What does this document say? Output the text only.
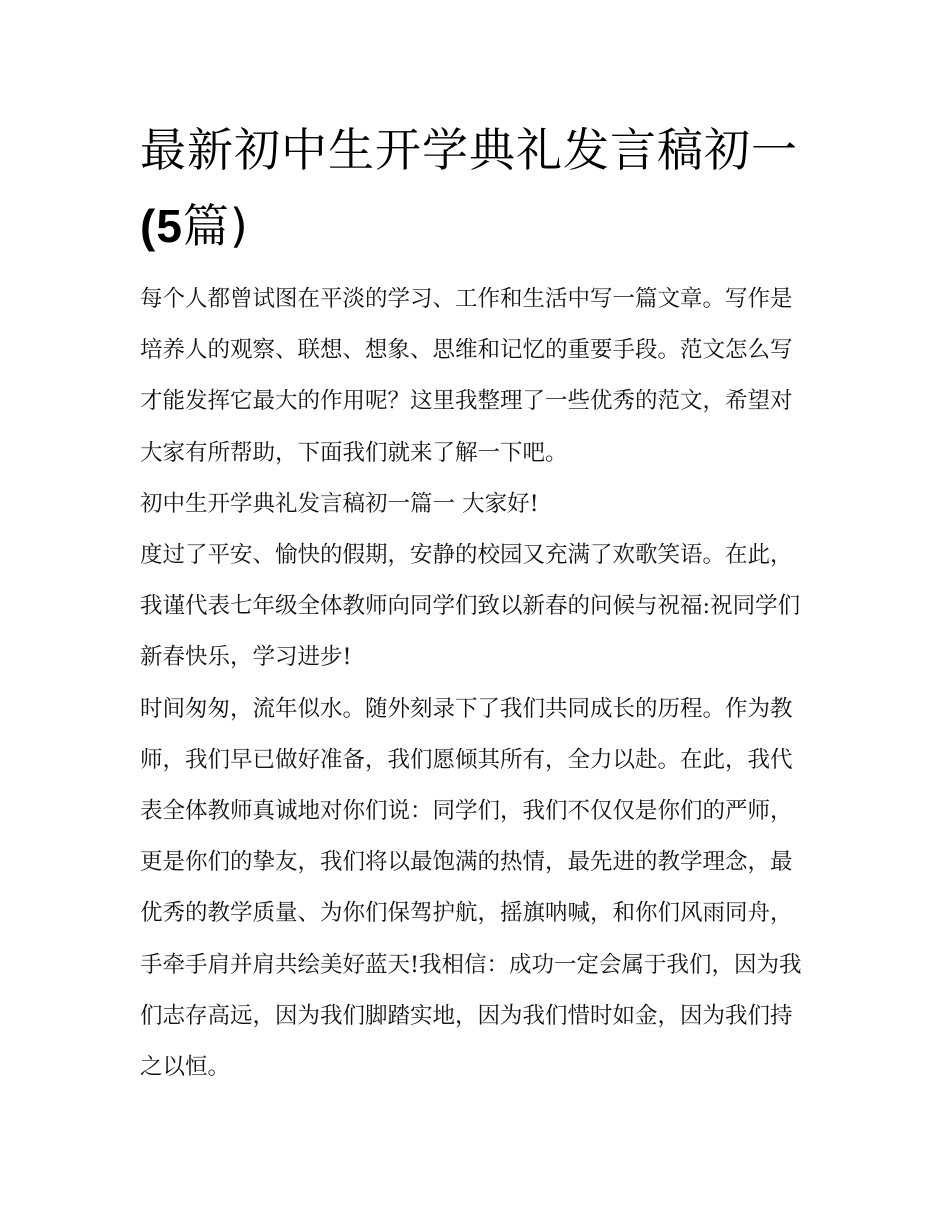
最新初中生开学典礼发言稿初一(5篇)

每个人都曾试图在平淡的学习、工作和生活中写一篇文章。写作是培养人的观察、联想、想象、思维和记忆的重要手段。范文怎么写才能发挥它最大的作用呢？这里我整理了一些优秀的范文，希望对大家有所帮助，下面我们就来了解一下吧。

初中生开学典礼发言稿初一篇一 大家好!

度过了平安、愉快的假期，安静的校园又充满了欢歌笑语。在此，我谨代表七年级全体教师向同学们致以新春的问候与祝福:祝同学们新春快乐，学习进步!

时间匆匆，流年似水。随外刻录下了我们共同成长的历程。作为教师，我们早已做好准备，我们愿倾其所有，全力以赴。在此，我代表全体教师真诚地对你们说：同学们，我们不仅仅是你们的严师，更是你们的挚友，我们将以最饱满的热情，最先进的教学理念，最优秀的教学质量、为你们保驾护航，摇旗呐喊，和你们风雨同舟，手牵手肩并肩共绘美好蓝天!我相信：成功一定会属于我们，因为我们志存高远，因为我们脚踏实地，因为我们惜时如金，因为我们持之以恒。
